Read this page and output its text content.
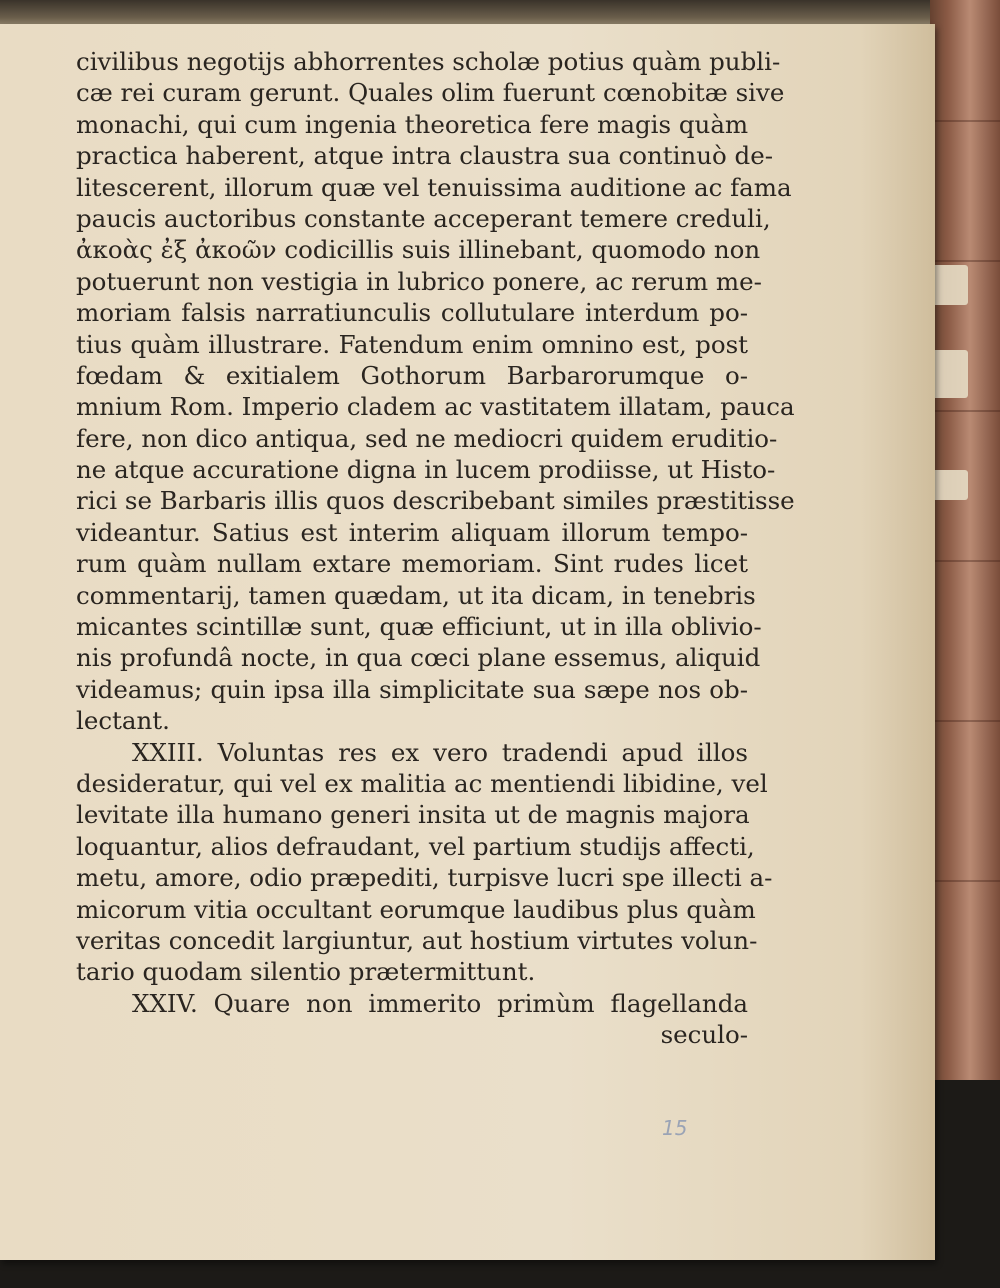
civilibus negotijs abhorrentes scholæ potius quàm publi-
cæ rei curam gerunt. Quales olim fuerunt cœnobitæ sive
monachi, qui cum ingenia theoretica fere magis quàm
practica haberent, atque intra claustra sua continuò de-
litescerent, illorum quæ vel tenuissima auditione ac fama
paucis auctoribus constante acceperant temere creduli,
ἀκοὰς ἐξ ἀκοῶν codicillis suis illinebant, quomodo non
potuerunt non vestigia in lubrico ponere, ac rerum me-
moriam falsis narratiunculis collutulare interdum po-
tius quàm illustrare. Fatendum enim omnino est, post
fœdam & exitialem Gothorum Barbarorumque o-
mnium Rom. Imperio cladem ac vastitatem illatam, pauca
fere, non dico antiqua, sed ne mediocri quidem eruditio-
ne atque accuratione digna in lucem prodiisse, ut Histo-
rici se Barbaris illis quos describebant similes præstitisse
videantur. Satius est interim aliquam illorum tempo-
rum quàm nullam extare memoriam. Sint rudes licet
commentarij, tamen quædam, ut ita dicam, in tenebris
micantes scintillæ sunt, quæ efficiunt, ut in illa oblivio-
nis profundâ nocte, in qua cœci plane essemus, aliquid
videamus; quin ipsa illa simplicitate sua sæpe nos ob-
lectant.
XXIII. Voluntas res ex vero tradendi apud illos
desideratur, qui vel ex malitia ac mentiendi libidine, vel
levitate illa humano generi insita ut de magnis majora
loquantur, alios defraudant, vel partium studijs affecti,
metu, amore, odio præpediti, turpisve lucri spe illecti a-
micorum vitia occultant eorumque laudibus plus quàm
veritas concedit largiuntur, aut hostium virtutes volun-
tario quodam silentio prætermittunt.
XXIV. Quare non immerito primùm flagellanda
seculo-
15
